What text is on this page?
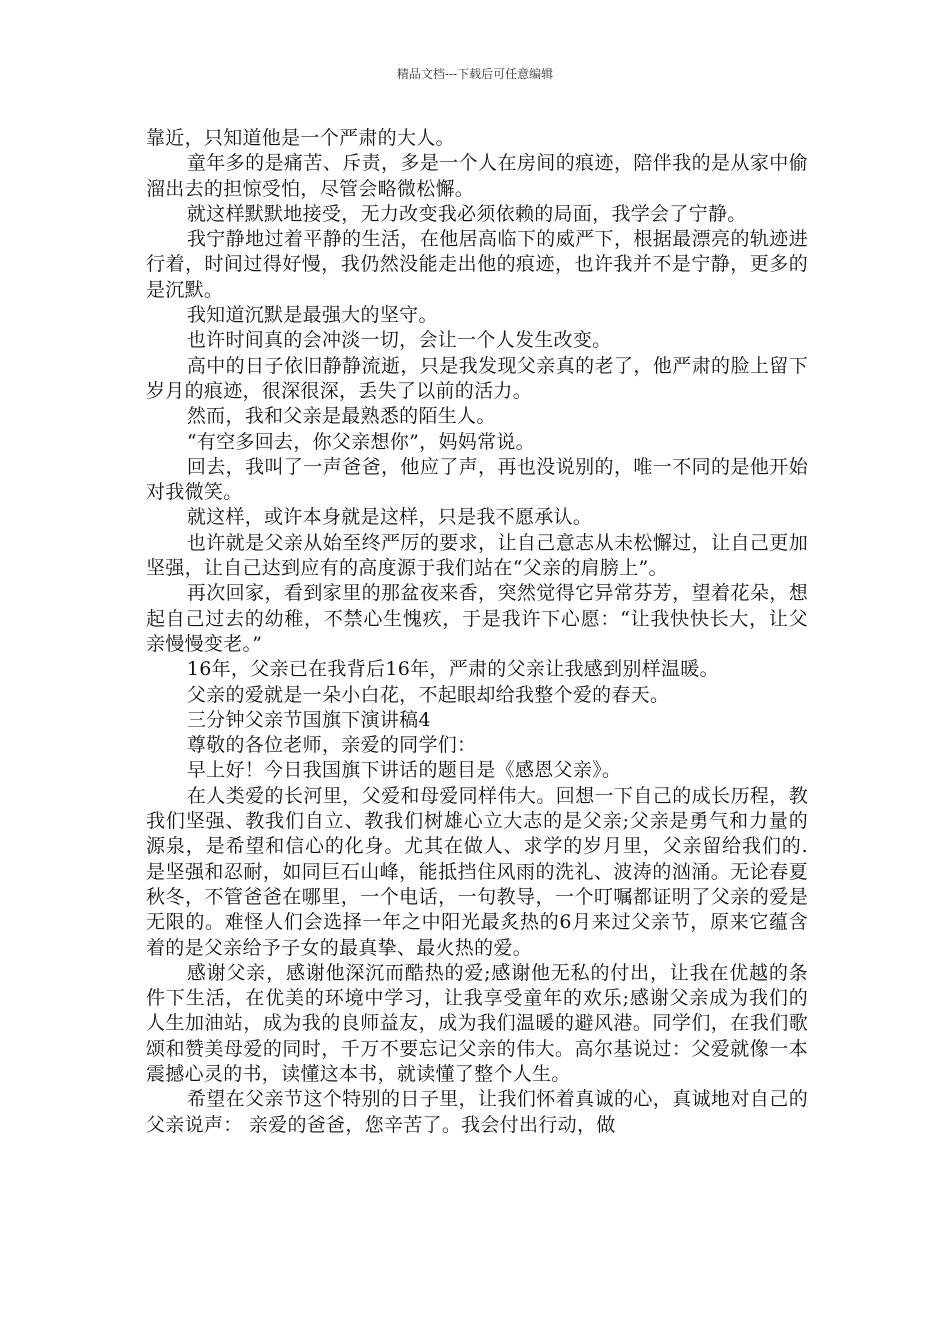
精品文档---下载后可任意编辑

靠近，只知道他是一个严肃的大人。

童年多的是痛苦、斥责，多是一个人在房间的痕迹，陪伴我的是从家中偷溜出去的担惊受怕，尽管会略微松懈。

就这样默默地接受，无力改变我必须依赖的局面，我学会了宁静。

我宁静地过着平静的生活，在他居高临下的威严下，根据最漂亮的轨迹进行着，时间过得好慢，我仍然没能走出他的痕迹，也许我并不是宁静，更多的是沉默。

我知道沉默是最强大的坚守。

也许时间真的会冲淡一切，会让一个人发生改变。

高中的日子依旧静静流逝，只是我发现父亲真的老了，他严肃的脸上留下岁月的痕迹，很深很深，丢失了以前的活力。

然而，我和父亲是最熟悉的陌生人。

“有空多回去，你父亲想你”，妈妈常说。

回去，我叫了一声爸爸，他应了声，再也没说别的，唯一不同的是他开始对我微笑。

就这样，或许本身就是这样，只是我不愿承认。

也许就是父亲从始至终严厉的要求，让自己意志从未松懈过，让自己更加坚强，让自己达到应有的高度源于我们站在“父亲的肩膀上”。

再次回家，看到家里的那盆夜来香，突然觉得它异常芬芳，望着花朵，想起自己过去的幼稚，不禁心生愧疚，于是我许下心愿：“让我快快长大，让父亲慢慢变老。”

16年，父亲已在我背后16年，严肃的父亲让我感到别样温暖。

父亲的爱就是一朵小白花，不起眼却给我整个爱的春天。

三分钟父亲节国旗下演讲稿4

尊敬的各位老师，亲爱的同学们：

早上好！今日我国旗下讲话的题目是《感恩父亲》。

在人类爱的长河里，父爱和母爱同样伟大。回想一下自己的成长历程，教我们坚强、教我们自立、教我们树雄心立大志的是父亲;父亲是勇气和力量的源泉，是希望和信心的化身。尤其在做人、求学的岁月里，父亲留给我们的.是坚强和忍耐，如同巨石山峰，能抵挡住风雨的洗礼、波涛的汹涌。无论春夏秋冬，不管爸爸在哪里，一个电话，一句教导，一个叮嘱都证明了父亲的爱是无限的。难怪人们会选择一年之中阳光最炙热的6月来过父亲节，原来它蕴含着的是父亲给予子女的最真挚、最火热的爱。

感谢父亲，感谢他深沉而酷热的爱;感谢他无私的付出，让我在优越的条件下生活，在优美的环境中学习，让我享受童年的欢乐;感谢父亲成为我们的人生加油站，成为我的良师益友，成为我们温暖的避风港。同学们，在我们歌颂和赞美母爱的同时，千万不要忘记父亲的伟大。高尔基说过：父爱就像一本震撼心灵的书，读懂这本书，就读懂了整个人生。

希望在父亲节这个特别的日子里，让我们怀着真诚的心，真诚地对自己的父亲说声： 亲爱的爸爸，您辛苦了。我会付出行动，做
